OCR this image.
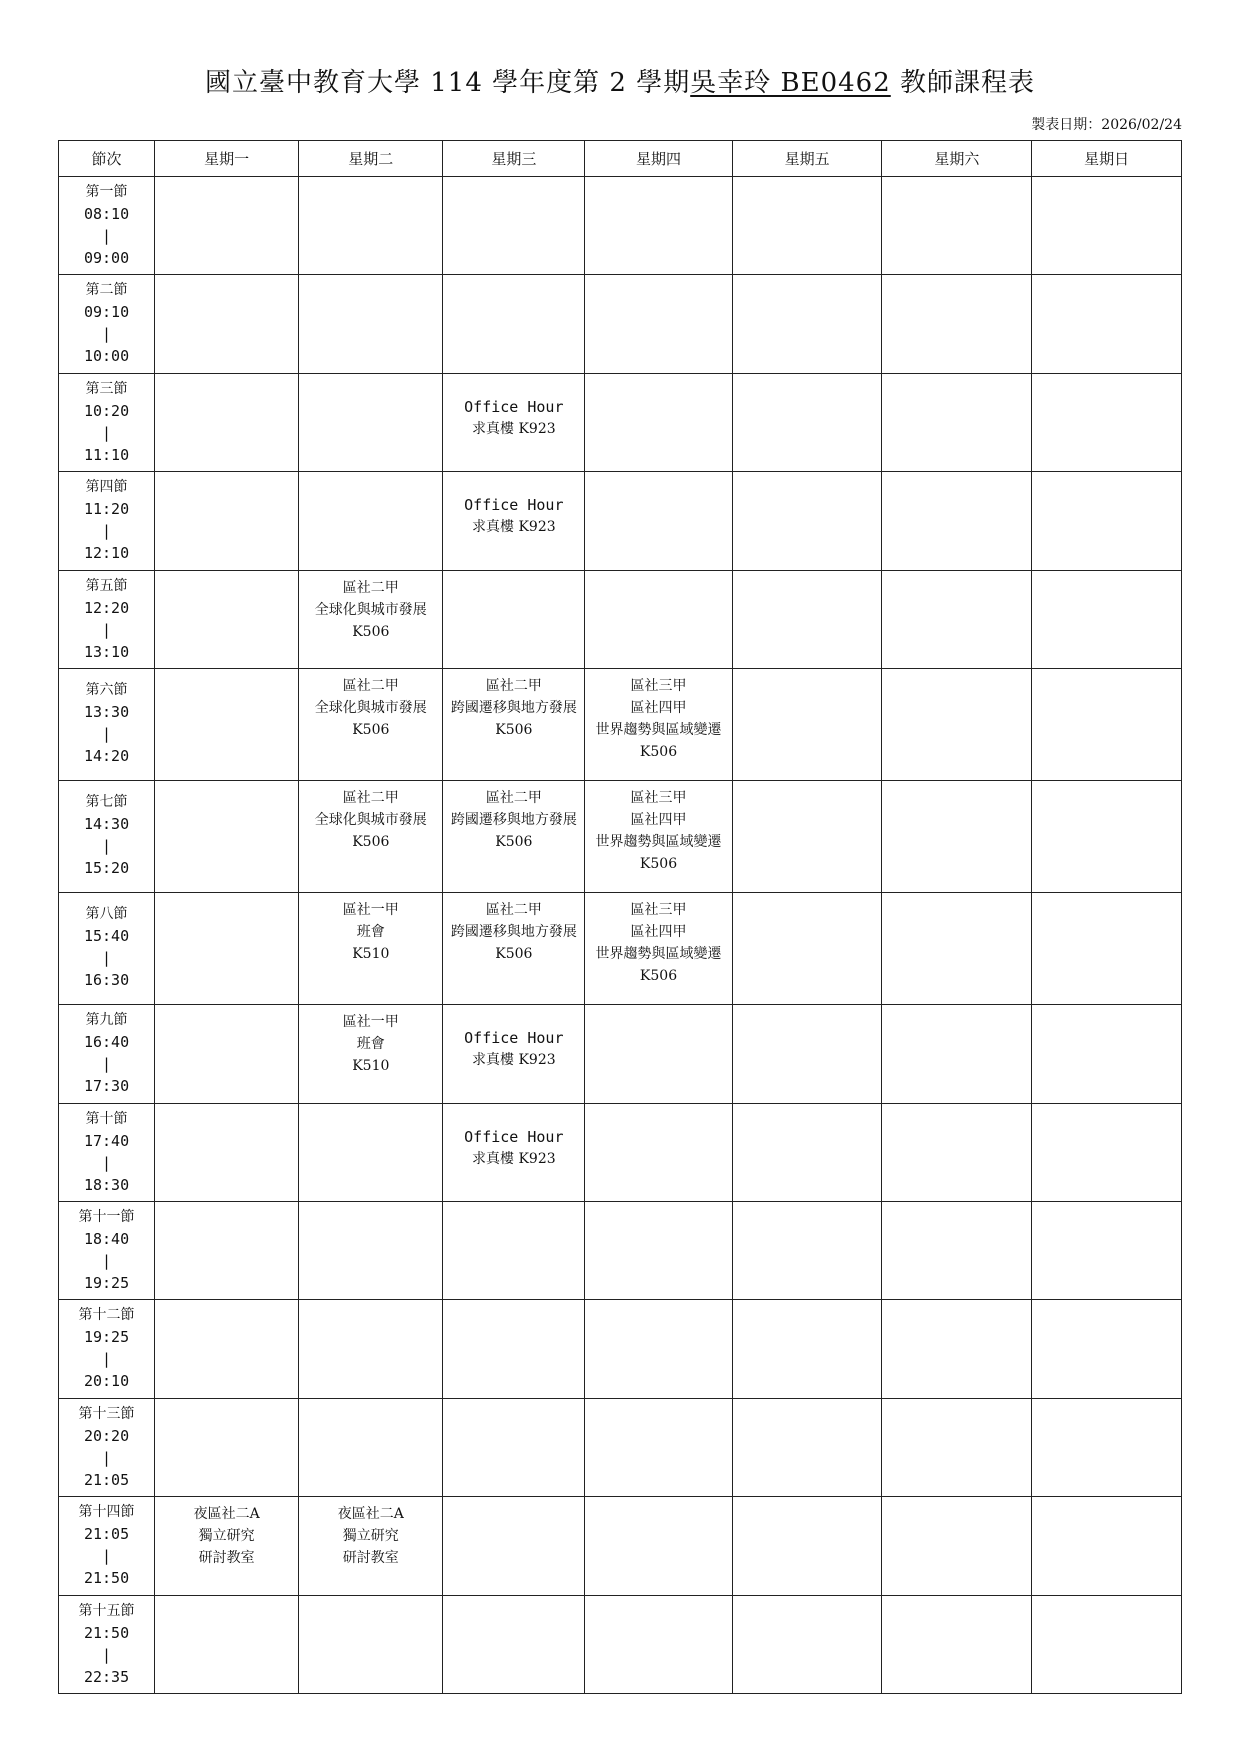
國立臺中教育大學 114 學年度第 2 學期吳幸玲 BE0462 教師課程表
製表日期：2026/02/24
節次	星期一	星期二	星期三	星期四	星期五	星期六	星期日

第一節
08:10
|
09:00							

第二節
09:10
|
10:00							

第三節
10:20
|
11:10			Office Hour
求真樓 K923				

第四節
11:20
|
12:10			Office Hour
求真樓 K923				

第五節
12:20
|
13:10		區社二甲
全球化與城市發展
K506					

第六節
13:30
|
14:20		區社二甲
全球化與城市發展
K506	區社二甲
跨國遷移與地方發展
K506	區社三甲
區社四甲
世界趨勢與區域變遷
K506			

第七節
14:30
|
15:20		區社二甲
全球化與城市發展
K506	區社二甲
跨國遷移與地方發展
K506	區社三甲
區社四甲
世界趨勢與區域變遷
K506			

第八節
15:40
|
16:30		區社一甲
班會
K510	區社二甲
跨國遷移與地方發展
K506	區社三甲
區社四甲
世界趨勢與區域變遷
K506			

第九節
16:40
|
17:30		區社一甲
班會
K510	Office Hour
求真樓 K923				

第十節
17:40
|
18:30			Office Hour
求真樓 K923				

第十一節
18:40
|
19:25							

第十二節
19:25
|
20:10							

第十三節
20:20
|
21:05							

第十四節
21:05
|
21:50	夜區社二A
獨立研究
研討教室	夜區社二A
獨立研究
研討教室					

第十五節
21:50
|
22:35							
